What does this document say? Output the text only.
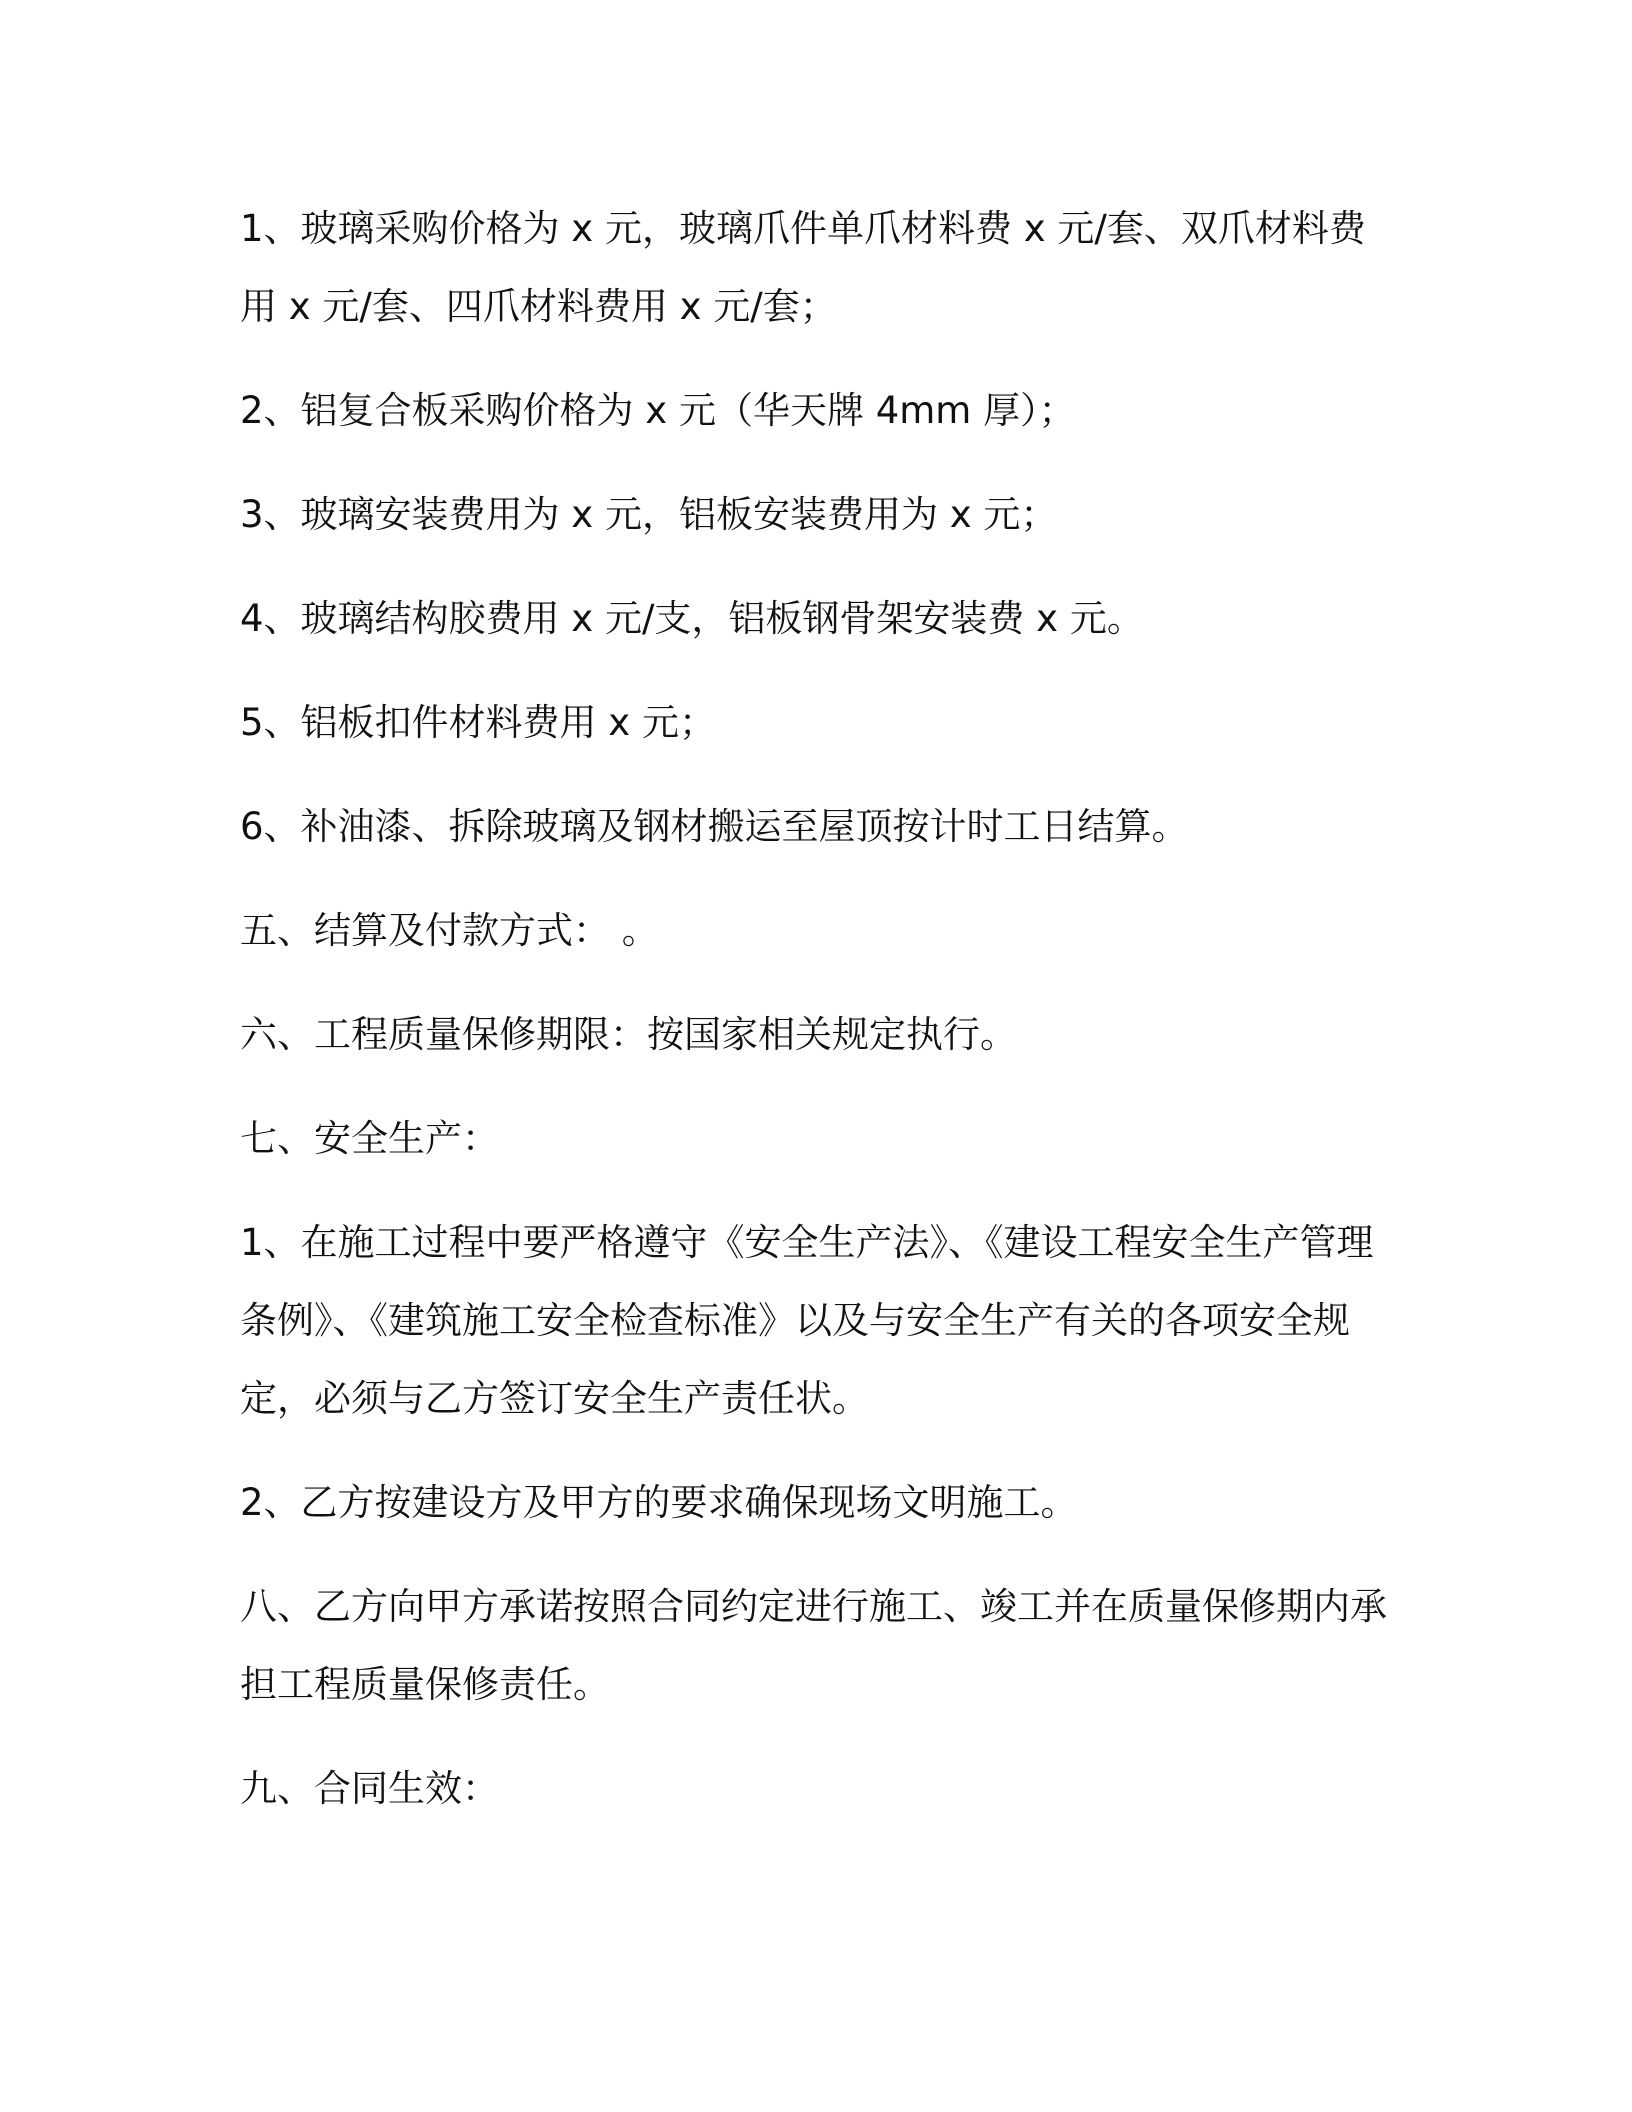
1、玻璃采购价格为 x 元，玻璃爪件单爪材料费 x 元/套、双爪材料费用 x 元/套、四爪材料费用 x 元/套；

2、铝复合板采购价格为 x 元（华天牌 4mm 厚）；

3、玻璃安装费用为 x 元，铝板安装费用为 x 元；

4、玻璃结构胶费用 x 元/支，铝板钢骨架安装费 x 元。

5、铝板扣件材料费用 x 元；

6、补油漆、拆除玻璃及钢材搬运至屋顶按计时工日结算。

五、结算及付款方式： 。

六、工程质量保修期限：按国家相关规定执行。

七、安全生产：

1、在施工过程中要严格遵守《安全生产法》、《建设工程安全生产管理条例》、《建筑施工安全检查标准》以及与安全生产有关的各项安全规定，必须与乙方签订安全生产责任状。

2、乙方按建设方及甲方的要求确保现场文明施工。

八、乙方向甲方承诺按照合同约定进行施工、竣工并在质量保修期内承担工程质量保修责任。

九、合同生效：
